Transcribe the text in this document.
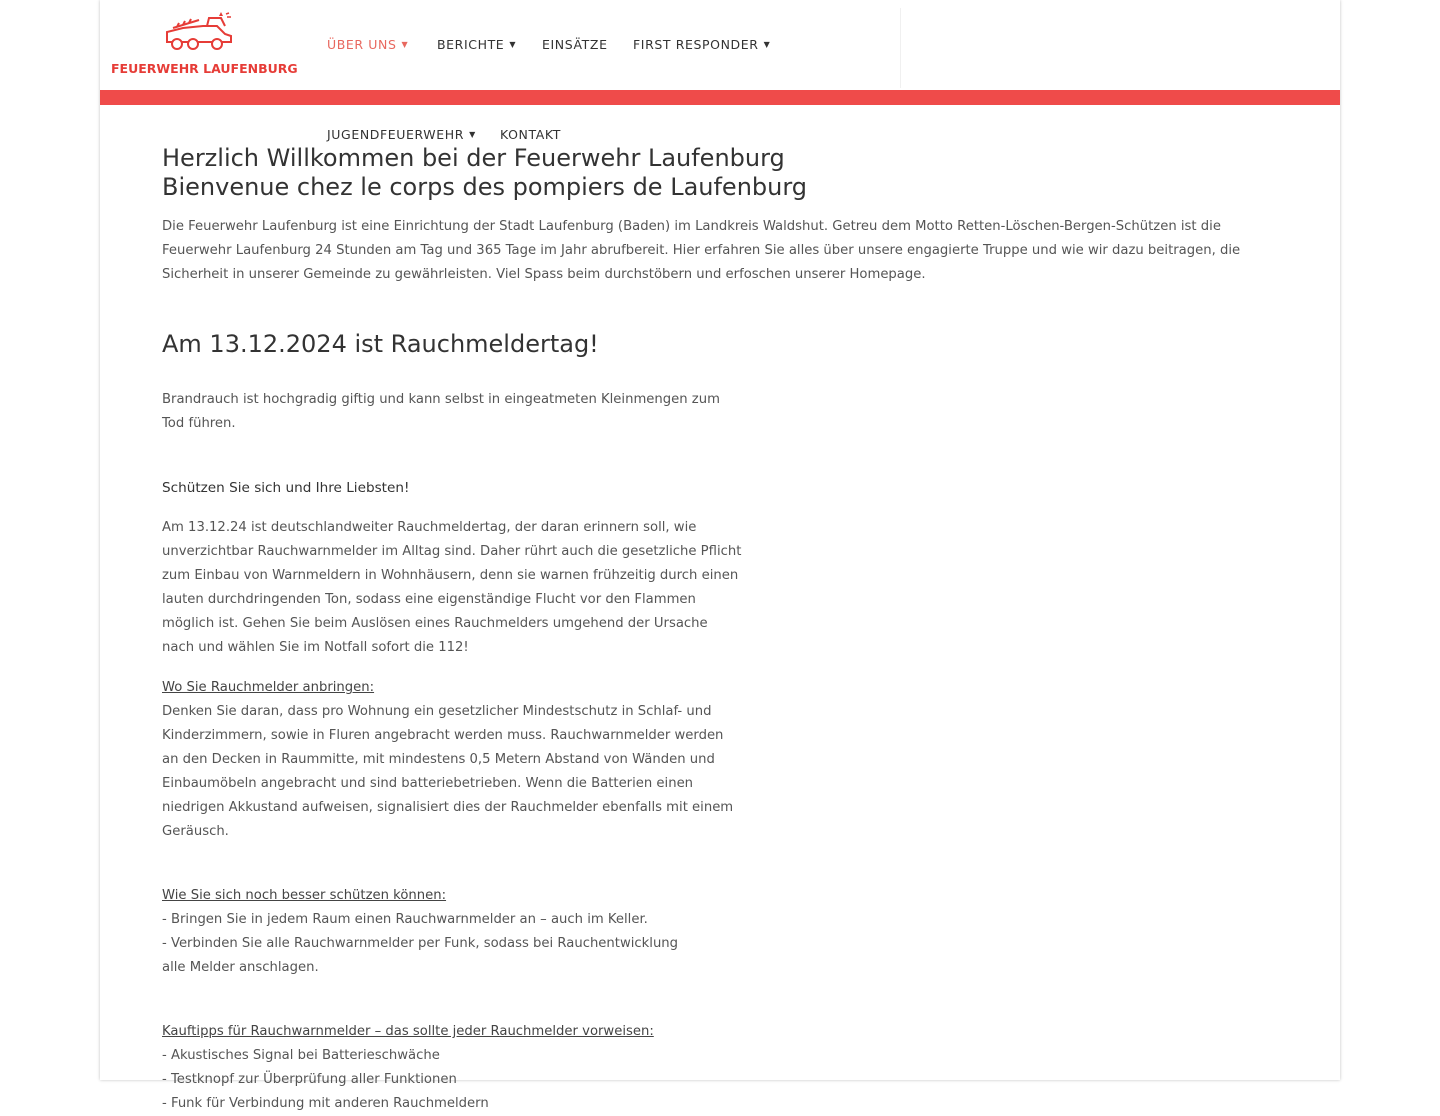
FEUERWEHR LAUFENBURG
ÜBER UNS ▼ BERICHTE ▼ EINSÄTZE FIRST RESPONDER ▼
JUGENDFEUERWEHR ▼ KONTAKT
Herzlich Willkommen bei der Feuerwehr Laufenburg
Bienvenue chez le corps des pompiers de Laufenburg

Die Feuerwehr Laufenburg ist eine Einrichtung der Stadt Laufenburg (Baden) im Landkreis Waldshut. Getreu dem Motto Retten-Löschen-Bergen-Schützen ist die Feuerwehr Laufenburg 24 Stunden am Tag und 365 Tage im Jahr abrufbereit. Hier erfahren Sie alles über unsere engagierte Truppe und wie wir dazu beitragen, die Sicherheit in unserer Gemeinde zu gewährleisten. Viel Spass beim durchstöbern und erfoschen unserer Homepage.

Am 13.12.2024 ist Rauchmeldertag!

Brandrauch ist hochgradig giftig und kann selbst in eingeatmeten Kleinmengen zum Tod führen.

Schützen Sie sich und Ihre Liebsten!

Am 13.12.24 ist deutschlandweiter Rauchmeldertag, der daran erinnern soll, wie unverzichtbar Rauchwarnmelder im Alltag sind. Daher rührt auch die gesetzliche Pflicht zum Einbau von Warnmeldern in Wohnhäusern, denn sie warnen frühzeitig durch einen lauten durchdringenden Ton, sodass eine eigenständige Flucht vor den Flammen möglich ist. Gehen Sie beim Auslösen eines Rauchmelders umgehend der Ursache nach und wählen Sie im Notfall sofort die 112!

Wo Sie Rauchmelder anbringen:

Denken Sie daran, dass pro Wohnung ein gesetzlicher Mindestschutz in Schlaf- und Kinderzimmern, sowie in Fluren angebracht werden muss. Rauchwarnmelder werden an den Decken in Raummitte, mit mindestens 0,5 Metern Abstand von Wänden und Einbaumöbeln angebracht und sind batteriebetrieben. Wenn die Batterien einen niedrigen Akkustand aufweisen, signalisiert dies der Rauchmelder ebenfalls mit einem Geräusch.

Wie Sie sich noch besser schützen können:

- Bringen Sie in jedem Raum einen Rauchwarnmelder an – auch im Keller.

- Verbinden Sie alle Rauchwarnmelder per Funk, sodass bei Rauchentwicklung alle Melder anschlagen.

Kauftipps für Rauchwarnmelder – das sollte jeder Rauchmelder vorweisen:

- Akustisches Signal bei Batterieschwäche

- Testknopf zur Überprüfung aller Funktionen

- Funk für Verbindung mit anderen Rauchmeldern
